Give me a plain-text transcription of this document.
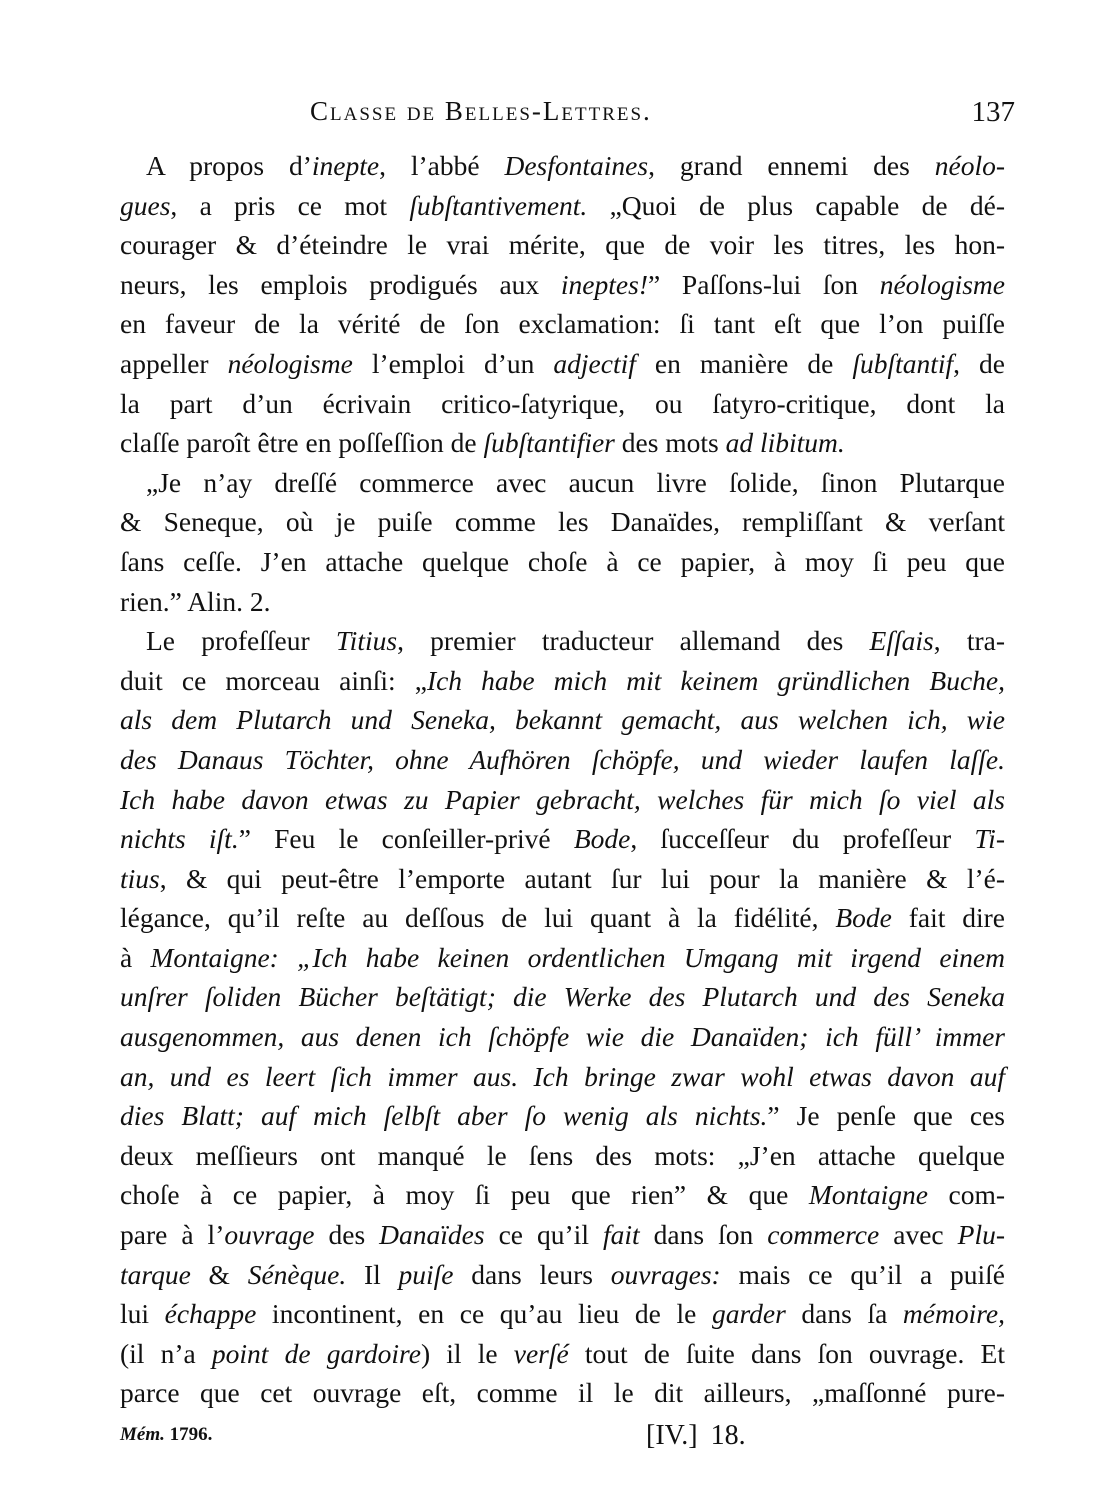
Classe de Belles-Lettres.	137
A propos d’inepte, l’abbé Desfontaines, grand ennemi des néolo-
gues, a pris ce mot ſubſtantivement. „Quoi de plus capable de dé-
courager & d’éteindre le vrai mérite, que de voir les titres, les hon-
neurs, les emplois prodigués aux ineptes!” Paſſons-lui ſon néologisme
en faveur de la vérité de ſon exclamation: ſi tant eſt que l’on puiſſe
appeller néologisme l’emploi d’un adjectif en manière de ſubſtantif, de
la part d’un écrivain critico-ſatyrique, ou ſatyro-critique, dont la
claſſe paroît être en poſſeſſion de ſubſtantifier des mots ad libitum.
„Je n’ay dreſſé commerce avec aucun livre ſolide, ſinon Plutarque
& Seneque, où je puiſe comme les Danaïdes, rempliſſant & verſant
ſans ceſſe. J’en attache quelque choſe à ce papier, à moy ſi peu que
rien.” Alin. 2.
Le profeſſeur Titius, premier traducteur allemand des Eſſais, tra-
duit ce morceau ainſi: „Ich habe mich mit keinem gründlichen Buche,
als dem Plutarch und Seneka, bekannt gemacht, aus welchen ich, wie
des Danaus Töchter, ohne Aufhören ſchöpfe, und wieder laufen laſſe.
Ich habe davon etwas zu Papier gebracht, welches für mich ſo viel als
nichts iſt.” Feu le conſeiller-privé Bode, ſucceſſeur du profeſſeur Ti-
tius, & qui peut-être l’emporte autant ſur lui pour la manière & l’é-
légance, qu’il reſte au deſſous de lui quant à la fidélité, Bode fait dire
à Montaigne: „Ich habe keinen ordentlichen Umgang mit irgend einem
unſrer ſoliden Bücher beſtätigt; die Werke des Plutarch und des Seneka
ausgenommen, aus denen ich ſchöpfe wie die Danaïden; ich füll’ immer
an, und es leert ſich immer aus. Ich bringe zwar wohl etwas davon auf
dies Blatt; auf mich ſelbſt aber ſo wenig als nichts.” Je penſe que ces
deux meſſieurs ont manqué le ſens des mots: „J’en attache quelque
choſe à ce papier, à moy ſi peu que rien” & que Montaigne com-
pare à l’ouvrage des Danaïdes ce qu’il fait dans ſon commerce avec Plu-
tarque & Sénèque. Il puiſe dans leurs ouvrages: mais ce qu’il a puiſé
lui échappe incontinent, en ce qu’au lieu de le garder dans ſa mémoire,
(il n’a point de gardoire) il le verſé tout de ſuite dans ſon ouvrage. Et
parce que cet ouvrage eſt, comme il le dit ailleurs, „maſſonné pure-
Mém. 1796.	[IV.] 18.
